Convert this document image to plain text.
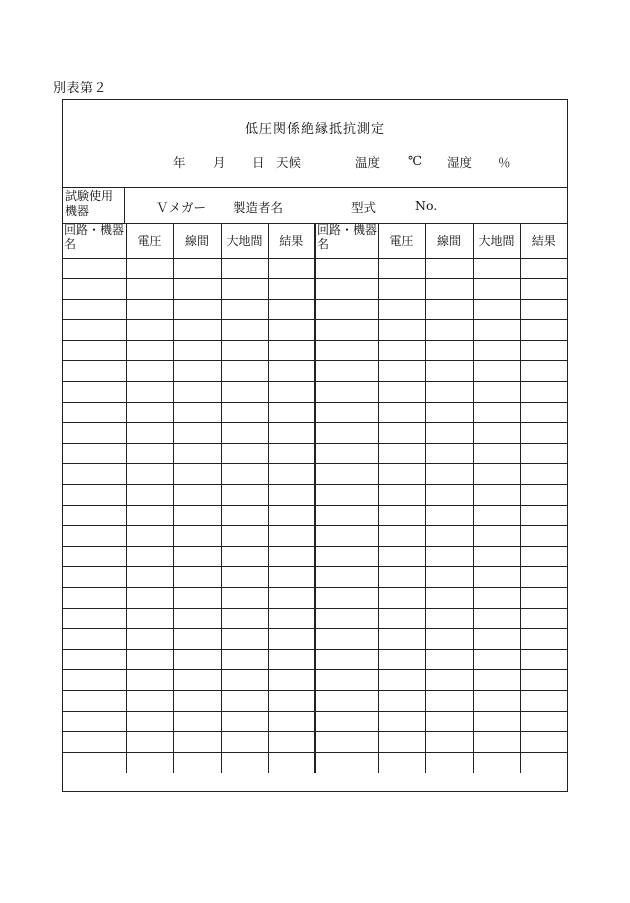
別表第２
低圧関係絶縁抵抗測定
年 月 日 天候	温度 ℃ 湿度 ％
試験使用機器	Ｖメガー 製造者名	型式	No.
回路・機器名	電圧	線間	大地間	結果	回路・機器名	電圧	線間	大地間	結果
